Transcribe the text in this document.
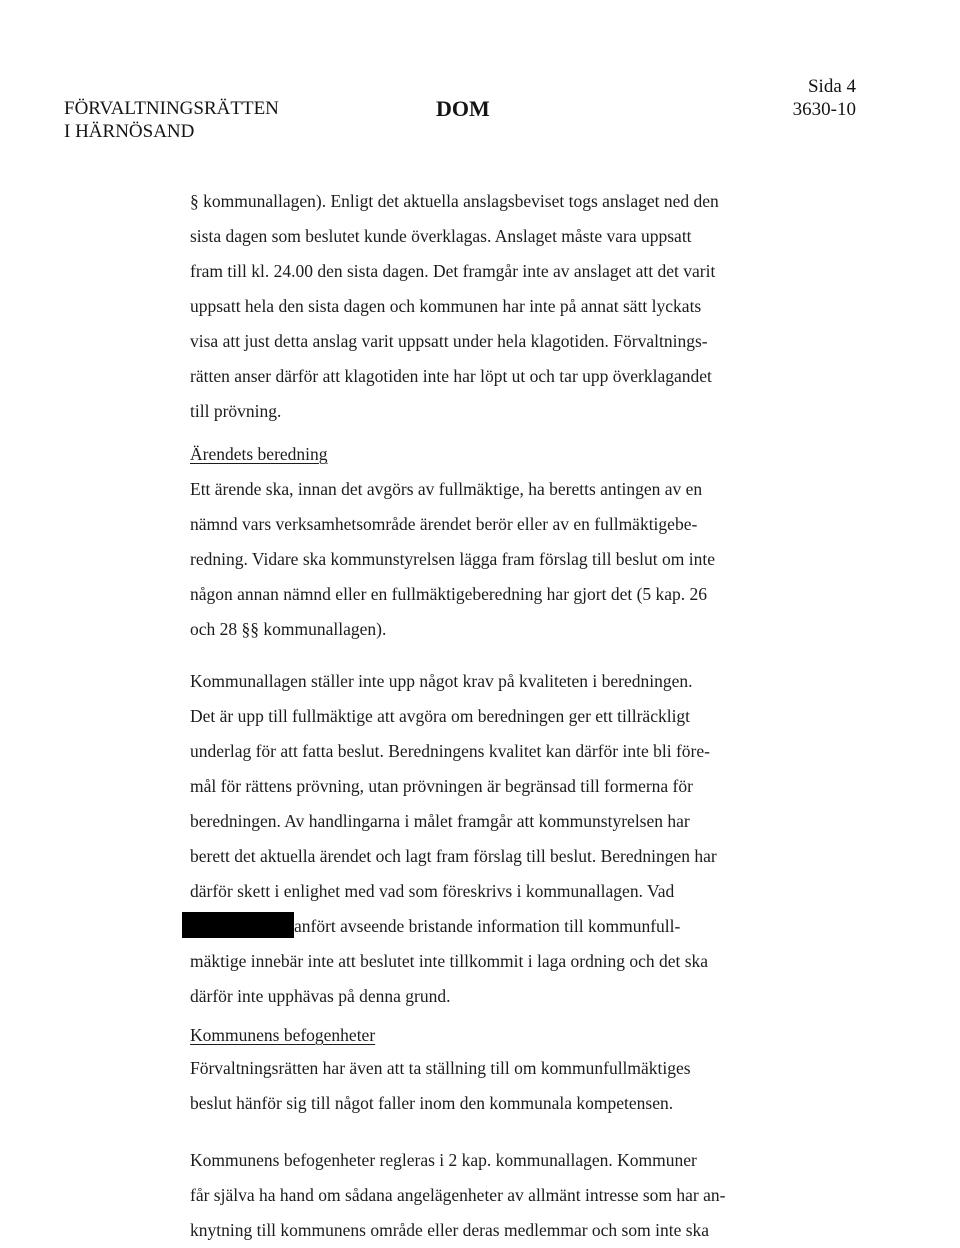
FÖRVALTNINGSRÄTTEN
I HÄRNÖSAND
DOM
Sida 4
3630-10
§ kommunallagen). Enligt det aktuella anslagsbeviset togs anslaget ned den
sista dagen som beslutet kunde överklagas. Anslaget måste vara uppsatt
fram till kl. 24.00 den sista dagen. Det framgår inte av anslaget att det varit
uppsatt hela den sista dagen och kommunen har inte på annat sätt lyckats
visa att just detta anslag varit uppsatt under hela klagotiden. Förvaltnings-
rätten anser därför att klagotiden inte har löpt ut och tar upp överklagandet
till prövning.
Ärendets beredning
Ett ärende ska, innan det avgörs av fullmäktige, ha beretts antingen av en
nämnd vars verksamhetsområde ärendet berör eller av en fullmäktigebe-
redning. Vidare ska kommunstyrelsen lägga fram förslag till beslut om inte
någon annan nämnd eller en fullmäktigeberedning har gjort det (5 kap. 26
och 28 §§ kommunallagen).
Kommunallagen ställer inte upp något krav på kvaliteten i beredningen.
Det är upp till fullmäktige att avgöra om beredningen ger ett tillräckligt
underlag för att fatta beslut. Beredningens kvalitet kan därför inte bli före-
mål för rättens prövning, utan prövningen är begränsad till formerna för
beredningen. Av handlingarna i målet framgår att kommunstyrelsen har
berett det aktuella ärendet och lagt fram förslag till beslut. Beredningen har
därför skett i enlighet med vad som föreskrivs i kommunallagen. Vad
anfört avseende bristande information till kommunfull-
mäktige innebär inte att beslutet inte tillkommit i laga ordning och det ska
därför inte upphävas på denna grund.
Kommunens befogenheter
Förvaltningsrätten har även att ta ställning till om kommunfullmäktiges
beslut hänför sig till något faller inom den kommunala kompetensen.
Kommunens befogenheter regleras i 2 kap. kommunallagen. Kommuner
får själva ha hand om sådana angelägenheter av allmänt intresse som har an-
knytning till kommunens område eller deras medlemmar och som inte ska
